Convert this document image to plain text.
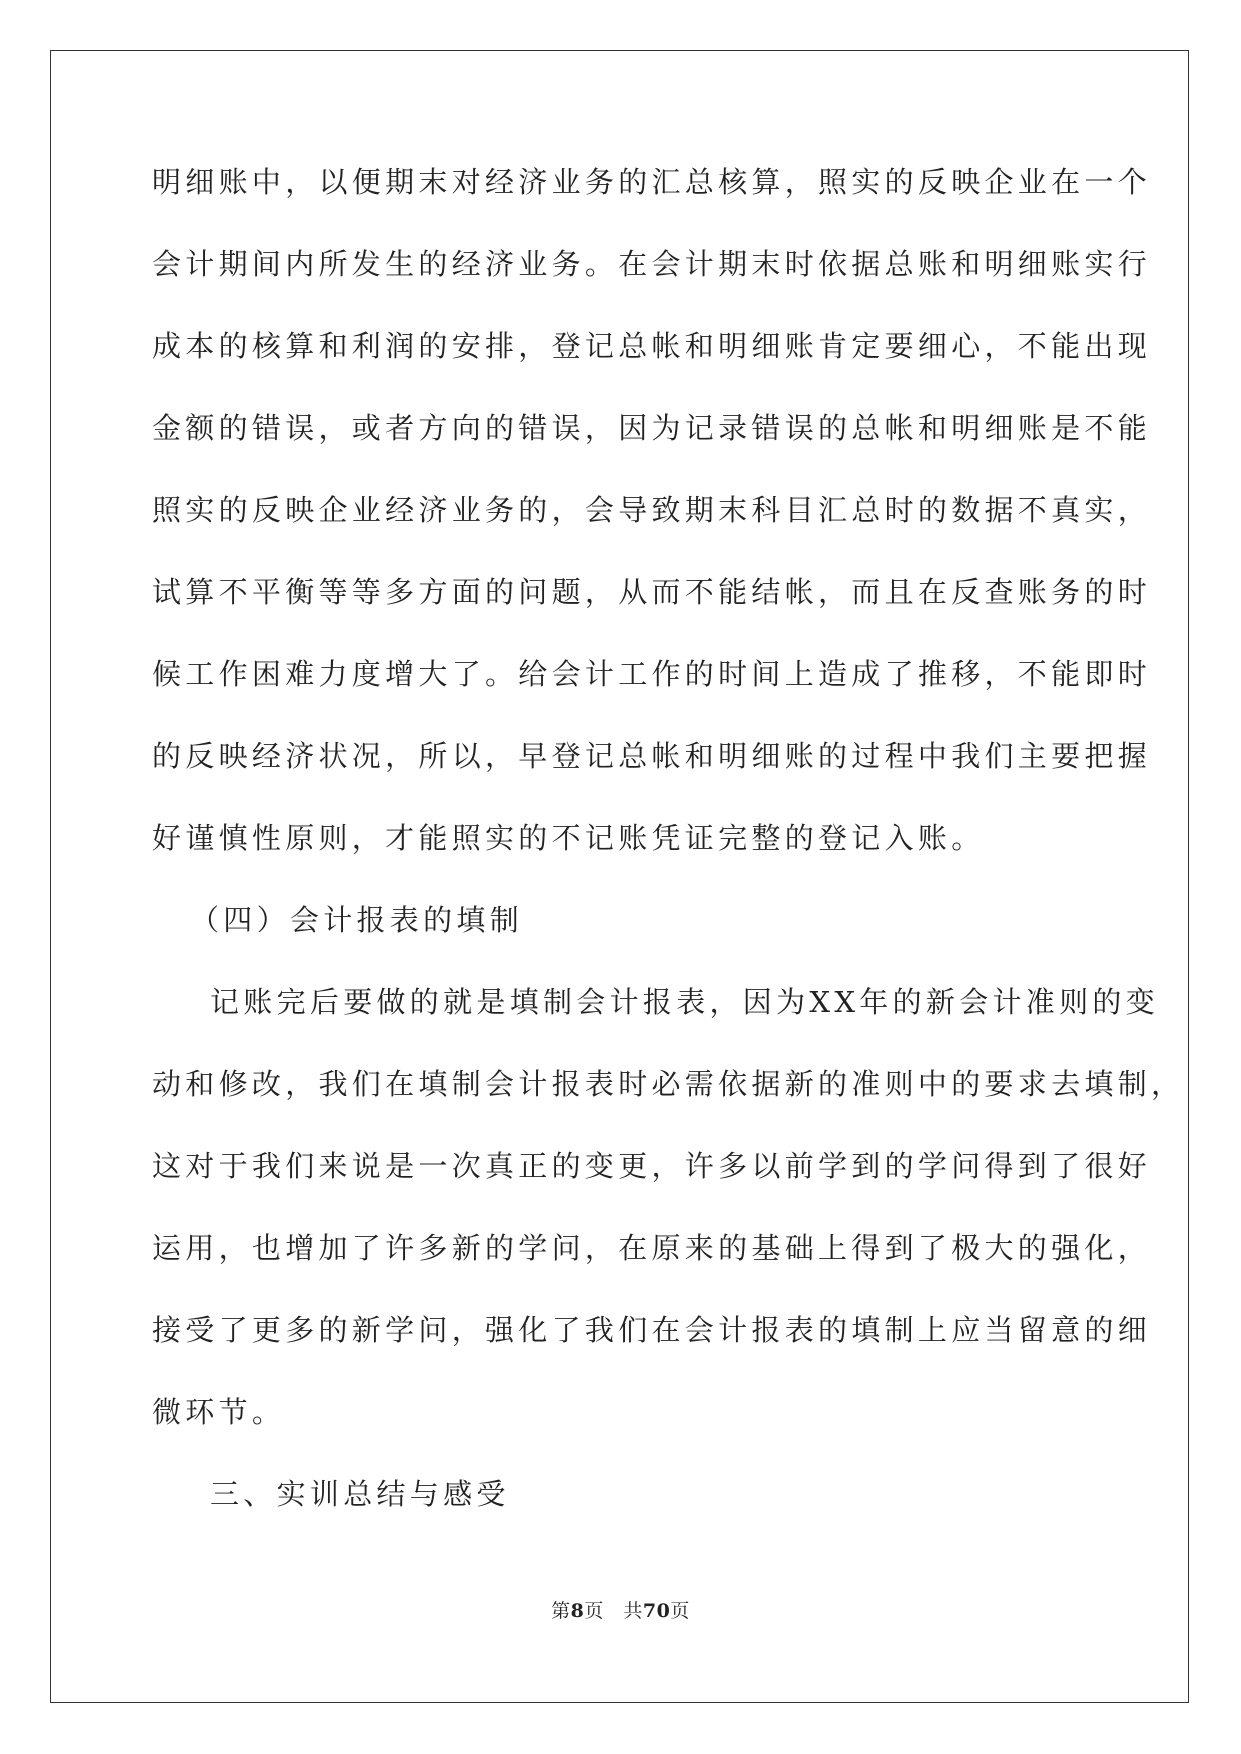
明细账中，以便期末对经济业务的汇总核算，照实的反映企业在一个
会计期间内所发生的经济业务。在会计期末时依据总账和明细账实行
成本的核算和利润的安排，登记总帐和明细账肯定要细心，不能出现
金额的错误，或者方向的错误，因为记录错误的总帐和明细账是不能
照实的反映企业经济业务的，会导致期末科目汇总时的数据不真实，
试算不平衡等等多方面的问题，从而不能结帐，而且在反查账务的时
候工作困难力度增大了。给会计工作的时间上造成了推移，不能即时
的反映经济状况，所以，早登记总帐和明细账的过程中我们主要把握
好谨慎性原则，才能照实的不记账凭证完整的登记入账。
（四）会计报表的填制
记账完后要做的就是填制会计报表，因为XX年的新会计准则的变
动和修改，我们在填制会计报表时必需依据新的准则中的要求去填制，
这对于我们来说是一次真正的变更，许多以前学到的学问得到了很好
运用，也增加了许多新的学问，在原来的基础上得到了极大的强化，
接受了更多的新学问，强化了我们在会计报表的填制上应当留意的细
微环节。
三、实训总结与感受
第8页　共70页
